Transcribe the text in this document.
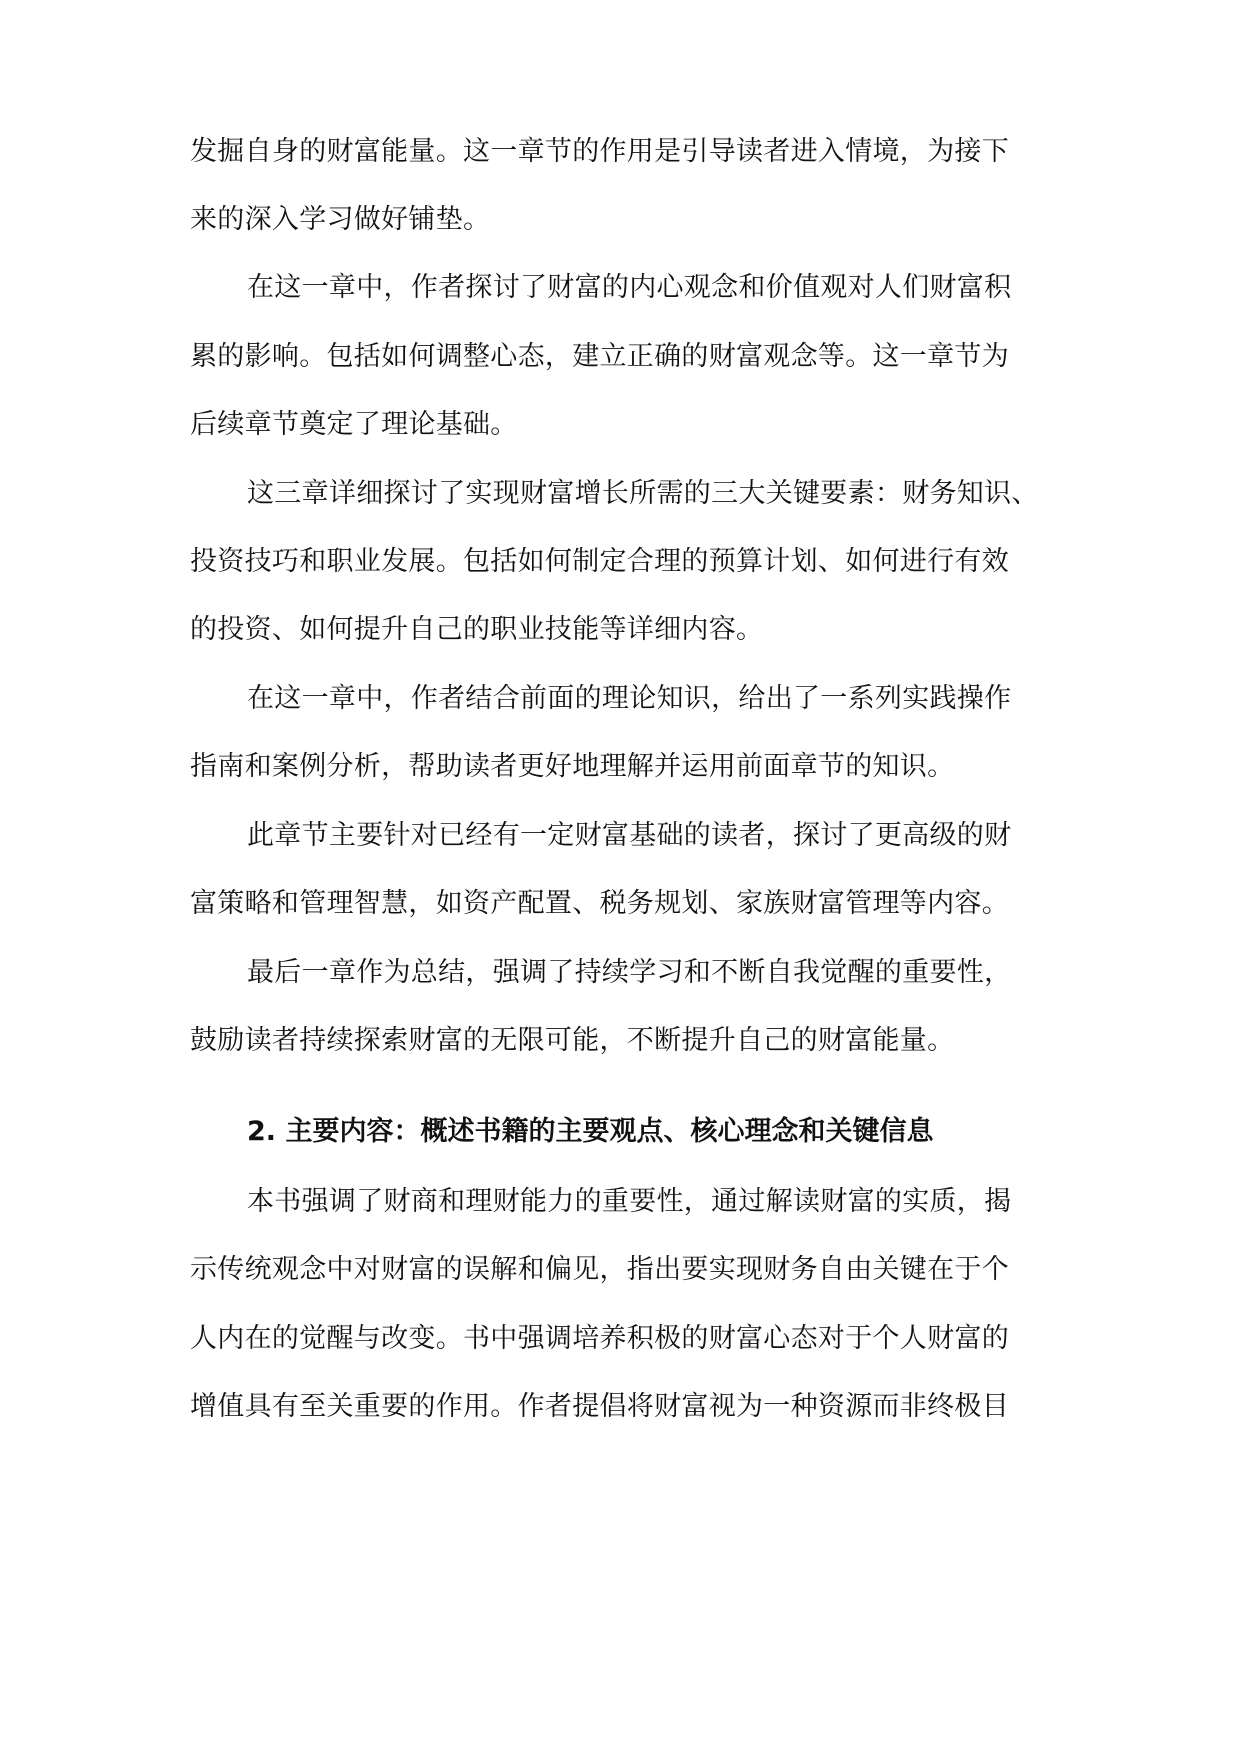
发掘自身的财富能量。这一章节的作用是引导读者进入情境，为接下
来的深入学习做好铺垫。
在这一章中，作者探讨了财富的内心观念和价值观对人们财富积
累的影响。包括如何调整心态，建立正确的财富观念等。这一章节为
后续章节奠定了理论基础。
这三章详细探讨了实现财富增长所需的三大关键要素：财务知识、
投资技巧和职业发展。包括如何制定合理的预算计划、如何进行有效
的投资、如何提升自己的职业技能等详细内容。
在这一章中，作者结合前面的理论知识，给出了一系列实践操作
指南和案例分析，帮助读者更好地理解并运用前面章节的知识。
此章节主要针对已经有一定财富基础的读者，探讨了更高级的财
富策略和管理智慧，如资产配置、税务规划、家族财富管理等内容。
最后一章作为总结，强调了持续学习和不断自我觉醒的重要性，
鼓励读者持续探索财富的无限可能，不断提升自己的财富能量。
2. 主要内容：概述书籍的主要观点、核心理念和关键信息
本书强调了财商和理财能力的重要性，通过解读财富的实质，揭
示传统观念中对财富的误解和偏见，指出要实现财务自由关键在于个
人内在的觉醒与改变。书中强调培养积极的财富心态对于个人财富的
增值具有至关重要的作用。作者提倡将财富视为一种资源而非终极目
